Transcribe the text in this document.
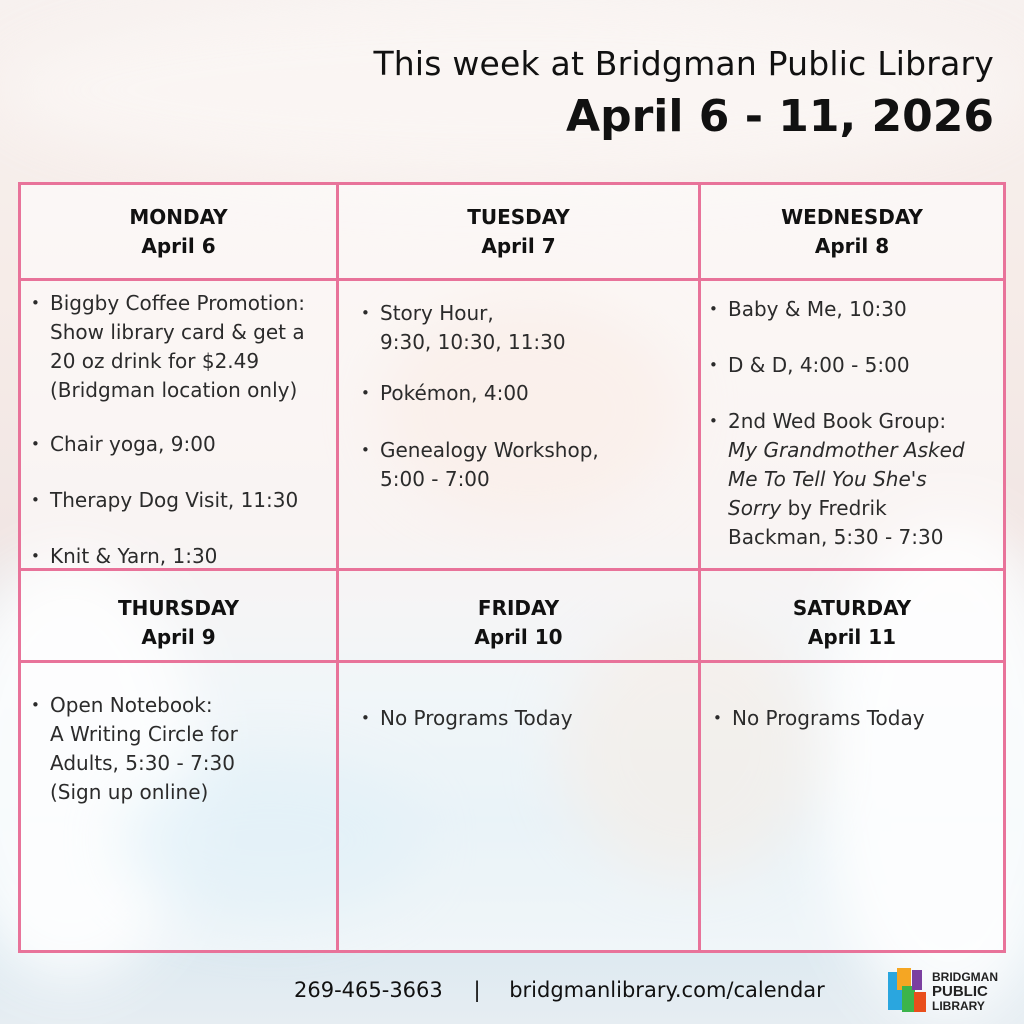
This week at Bridgman Public Library
April 6 - 11, 2026
MONDAY
April 6
TUESDAY
April 7
WEDNESDAY
April 8
THURSDAY
April 9
FRIDAY
April 10
SATURDAY
April 11
• Biggby Coffee Promotion:
Show library card & get a
20 oz drink for $2.49
(Bridgman location only)
• Chair yoga, 9:00
• Therapy Dog Visit, 11:30
• Knit & Yarn, 1:30
• Story Hour,
9:30, 10:30, 11:30
• Pokémon, 4:00
• Genealogy Workshop,
5:00 - 7:00
• Baby & Me, 10:30
• D & D, 4:00 - 5:00
• 2nd Wed Book Group:
My Grandmother Asked
Me To Tell You She's
Sorry by Fredrik
Backman, 5:30 - 7:30
• Open Notebook:
A Writing Circle for
Adults, 5:30 - 7:30
(Sign up online)
• No Programs Today
•	No Programs Today
269-465-3663 | bridgmanlibrary.com/calendar
BRIDGMAN
PUBLIC
LIBRARY
